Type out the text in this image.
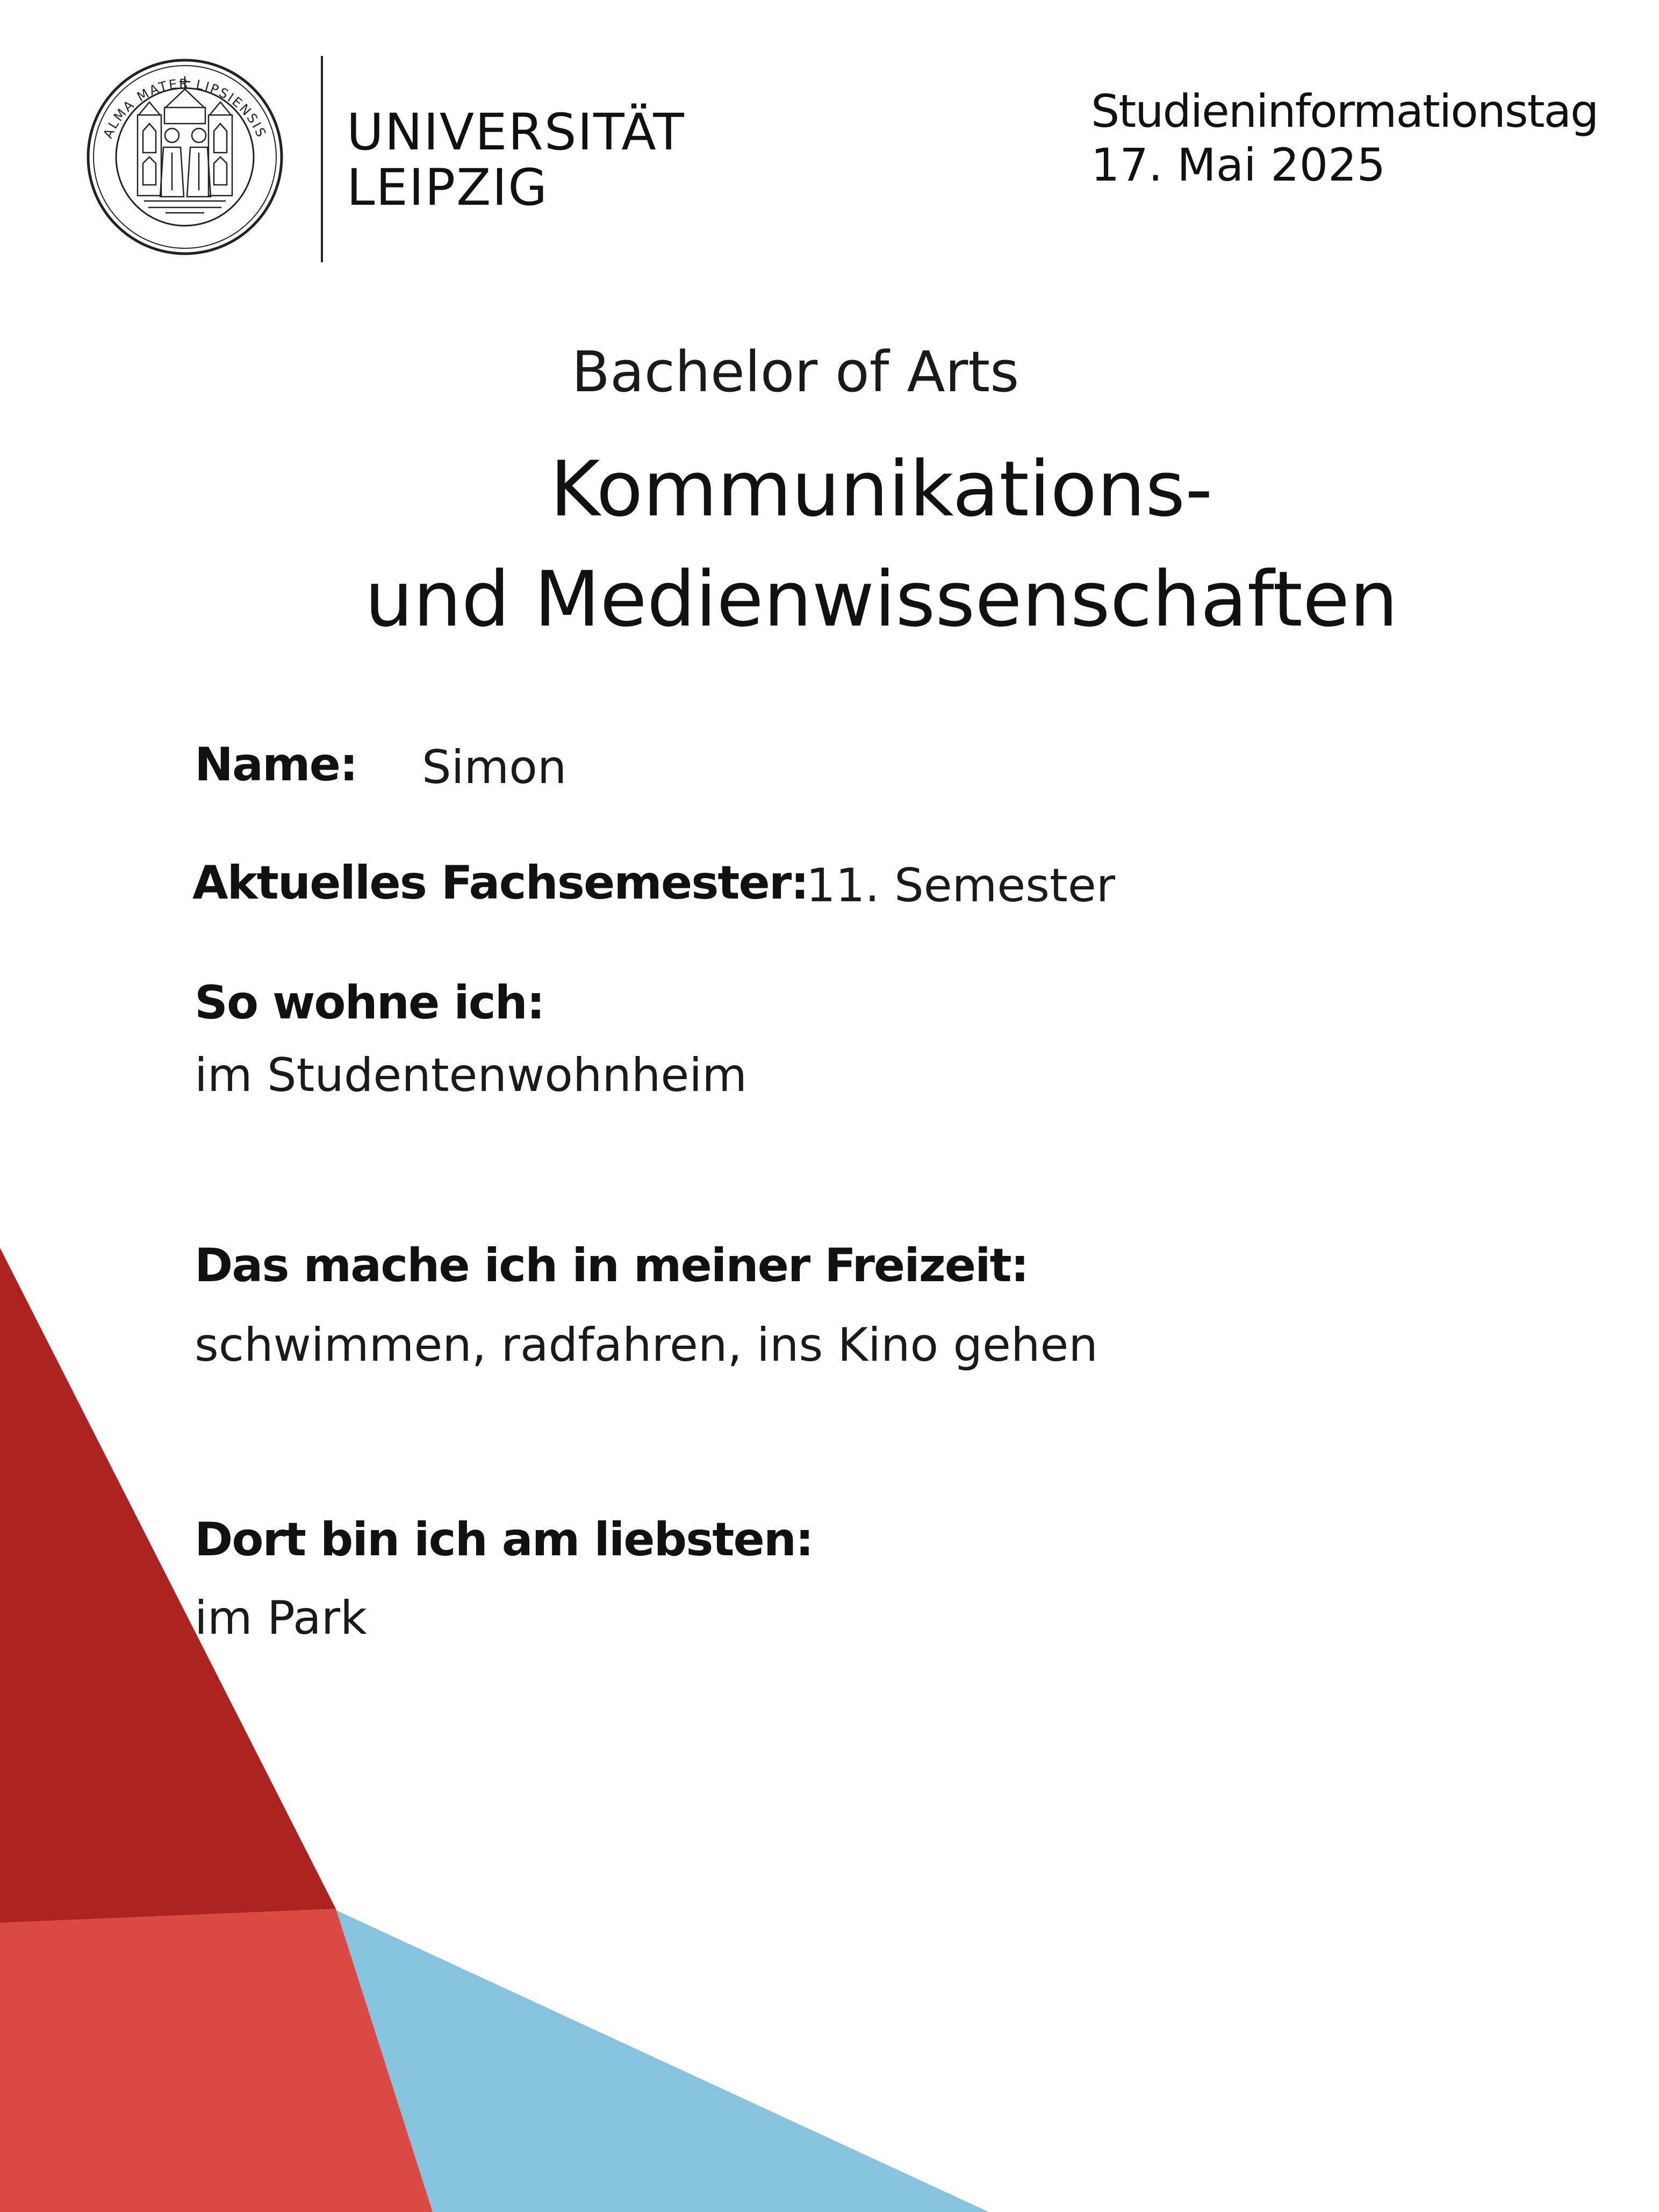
ALMA MATER LIPSIENSIS UNIVERSITÄT
LEIPZIG
Studieninformationstag
17. Mai 2025
Bachelor of Arts
Kommunikations-
und Medienwissenschaften
Name: Simon
Aktuelles Fachsemester:
11. Semester
So wohne ich:
im Studentenwohnheim
Das mache ich in meiner Freizeit:
schwimmen, radfahren, ins Kino gehen
Dort bin ich am liebsten:
im Park
